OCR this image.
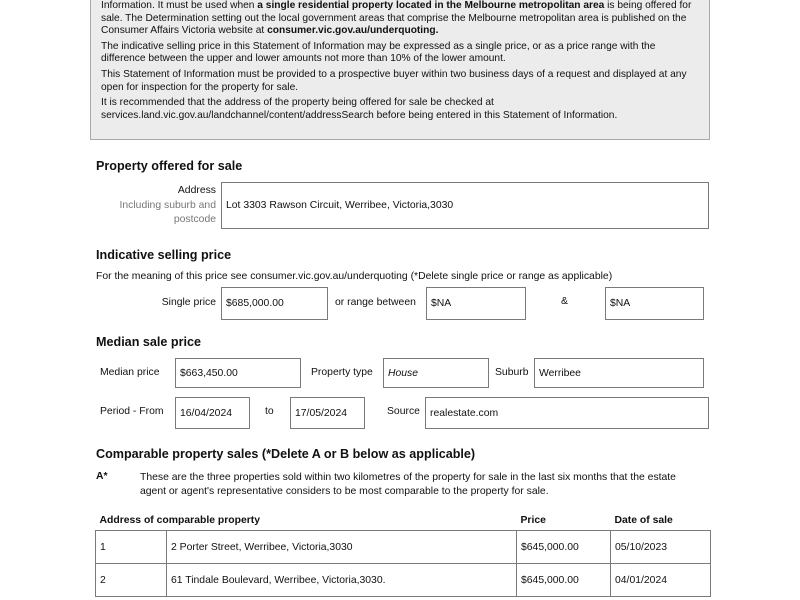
Information. It must be used when a single residential property located in the Melbourne metropolitan area is being offered for sale. The Determination setting out the local government areas that comprise the Melbourne metropolitan area is published on the Consumer Affairs Victoria website at consumer.vic.gov.au/underquoting.

The indicative selling price in this Statement of Information may be expressed as a single price, or as a price range with the difference between the upper and lower amounts not more than 10% of the lower amount.

This Statement of Information must be provided to a prospective buyer within two business days of a request and displayed at any open for inspection for the property for sale.

It is recommended that the address of the property being offered for sale be checked at services.land.vic.gov.au/landchannel/content/addressSearch before being entered in this Statement of Information.

Property offered for sale
Address
Including suburb and
postcode
Lot 3303 Rawson Circuit, Werribee, Victoria,3030
Indicative selling price
For the meaning of this price see consumer.vic.gov.au/underquoting (*Delete single price or range as applicable)
Single price $685,000.00	or range between	$NA	&	$NA
Median sale price
Median price	$663,450.00	Property type	House	Suburb	Werribee
Period - From	16/04/2024	to	17/05/2024	Source realestate.com
Comparable property sales (*Delete A or B below as applicable)
A*	These are the three properties sold within two kilometres of the property for sale in the last six months that the estate agent or agent's representative considers to be most comparable to the property for sale.
Address of comparable property		Price	Date of sale
1	2 Porter Street, Werribee, Victoria,3030	$645,000.00	05/10/2023
2	61 Tindale Boulevard, Werribee, Victoria,3030.	$645,000.00	04/01/2024
